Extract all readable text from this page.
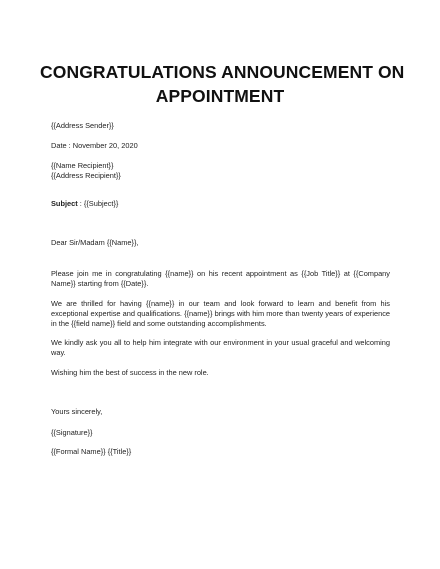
CONGRATULATIONS ANNOUNCEMENT ON
APPOINTMENT
{{Address Sender}}
Date : November 20, 2020
{{Name Recipient}}
{{Address Recipient}}
Subject : {{Subject}}
Dear Sir/Madam {{Name}},
Please join me in congratulating {{name}} on his recent appointment as {{Job Title}} at {{Company Name}} starting from {{Date}}.
We are thrilled for having {{name}} in our team and look forward to learn and benefit from his exceptional expertise and qualifications. {{name}} brings with him more than twenty years of experience in the {{field name}} field and some outstanding accomplishments.
We kindly ask you all to help him integrate with our environment in your usual graceful and welcoming way.
Wishing him the best of success in the new role.
Yours sincerely,
{{Signature}}
{{Formal Name}} {{Title}}
